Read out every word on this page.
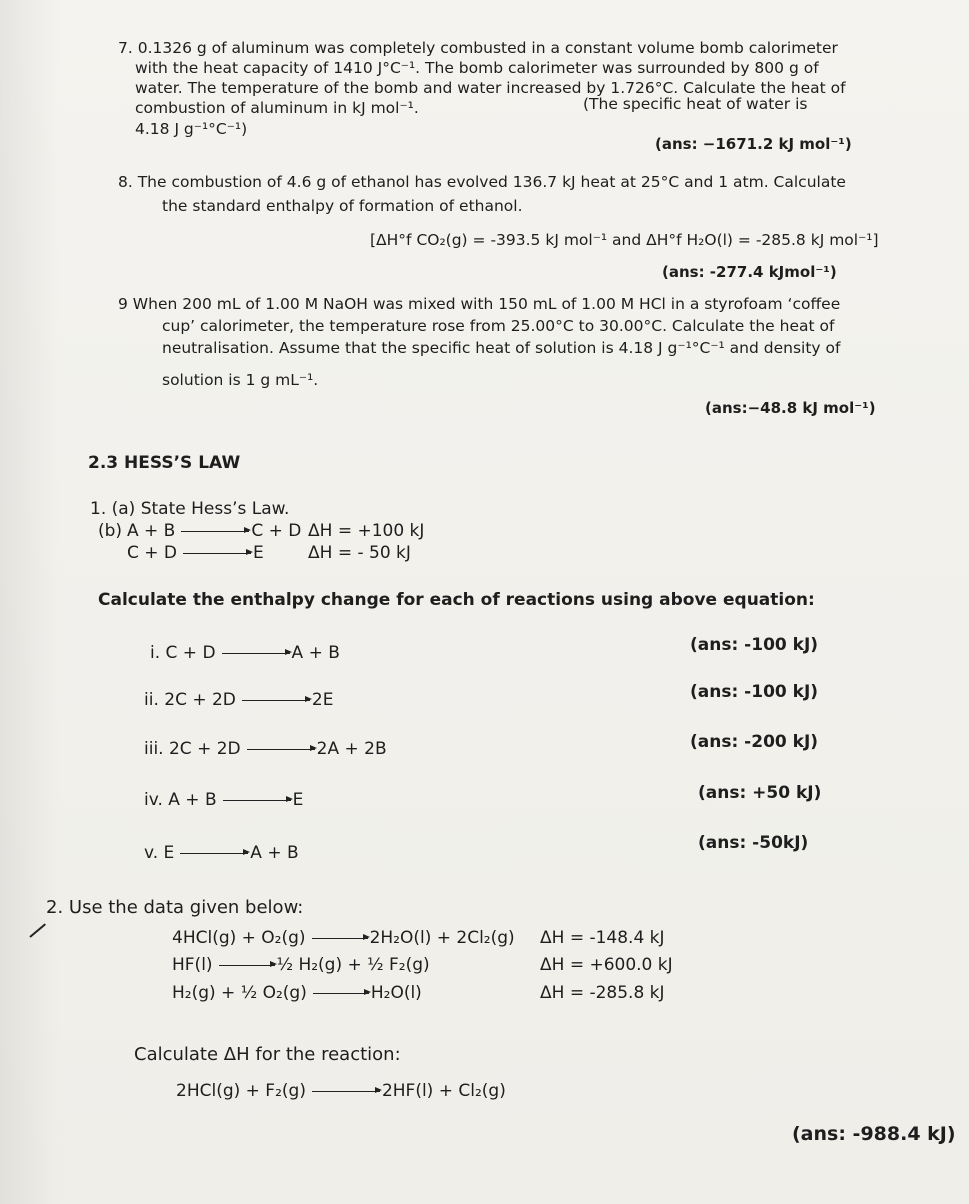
7. 0.1326 g of aluminum was completely combusted in a constant volume bomb calorimeter
with the heat capacity of 1410 J°C⁻¹. The bomb calorimeter was surrounded by 800 g of
water. The temperature of the bomb and water increased by 1.726°C. Calculate the heat of
combustion of aluminum in kJ mol⁻¹.	(The specific heat of water is
4.18 J g⁻¹°C⁻¹)
(ans: −1671.2 kJ mol⁻¹)
8. The combustion of 4.6 g of ethanol has evolved 136.7 kJ heat at 25°C and 1 atm. Calculate
the standard enthalpy of formation of ethanol.
[ΔH°f CO₂(g) = -393.5 kJ mol⁻¹ and ΔH°f H₂O(l) = -285.8 kJ mol⁻¹]
(ans: -277.4 kJmol⁻¹)
9 When 200 mL of 1.00 M NaOH was mixed with 150 mL of 1.00 M HCl in a styrofoam ‘coffee
cup’ calorimeter, the temperature rose from 25.00°C to 30.00°C. Calculate the heat of
neutralisation. Assume that the specific heat of solution is 4.18 J g⁻¹°C⁻¹ and density of
solution is 1 g mL⁻¹.
(ans:−48.8 kJ mol⁻¹)
2.3 HESS’S LAW
1. (a) State Hess’s Law.
(b) A + B → C + D ΔH = +100 kJ
C + D → E	ΔH = - 50 kJ
Calculate the enthalpy change for each of reactions using above equation:
i. C + D → A + B	(ans: -100 kJ)
ii. 2C + 2D → 2E	(ans: -100 kJ)
iii. 2C + 2D → 2A + 2B	(ans: -200 kJ)
iv. A + B → E	(ans: +50 kJ)
v. E → A + B	(ans: -50kJ)
2. Use the data given below:
4HCl(g) + O₂(g) → 2H₂O(l) + 2Cl₂(g) ΔH = -148.4 kJ
HF(l) → ½ H₂(g) + ½ F₂(g)	ΔH = +600.0 kJ
H₂(g) + ½ O₂(g) → H₂O(l)	ΔH = -285.8 kJ
Calculate ΔH for the reaction:
2HCl(g) + F₂(g) → 2HF(l) + Cl₂(g)
(ans: -988.4 kJ)
